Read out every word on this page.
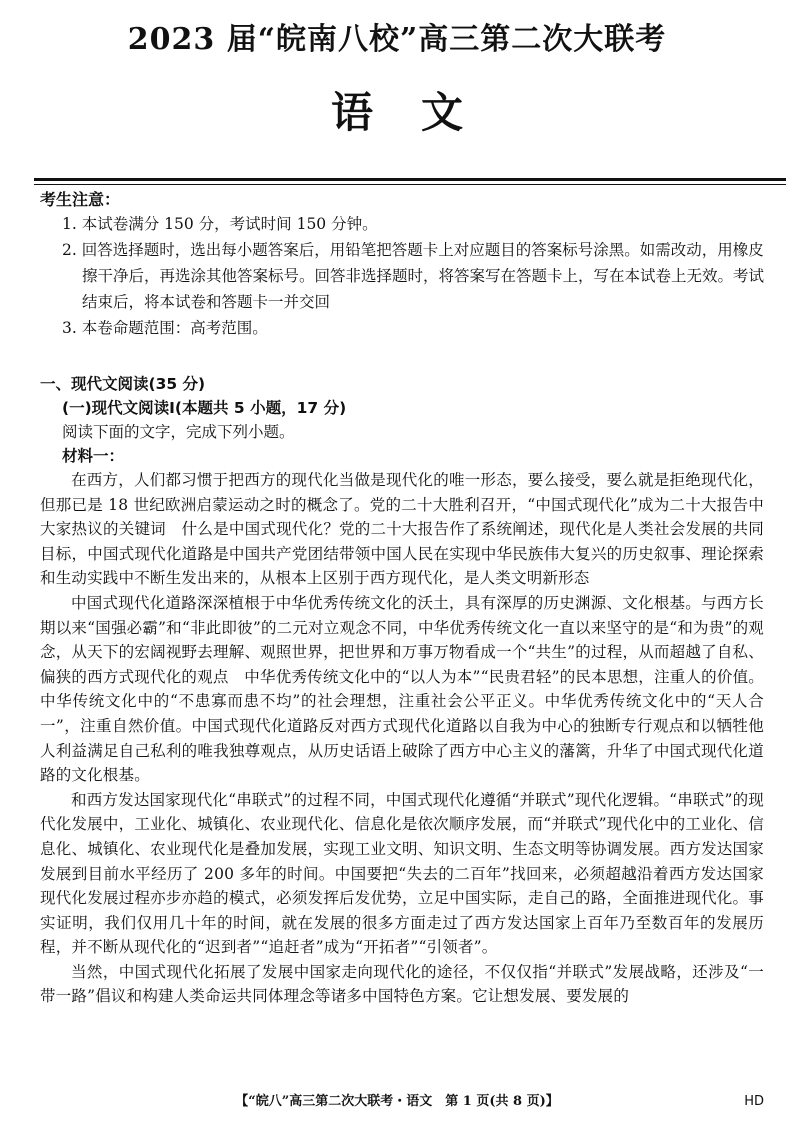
2023 届“皖南八校”高三第二次大联考
语文

考生注意：

1. 本试卷满分 150 分，考试时间 150 分钟。
2. 回答选择题时，选出每小题答案后，用铅笔把答题卡上对应题目的答案标号涂黑。如需改动，用橡皮擦干净后，再选涂其他答案标号。回答非选择题时，将答案写在答题卡上，写在本试卷上无效。考试结束后，将本试卷和答题卡一并交回
3. 本卷命题范围：高考范围。

一、现代文阅读(35 分)

(一)现代文阅读Ⅰ(本题共 5 小题，17 分)

阅读下面的文字，完成下列小题。

材料一：

在西方，人们都习惯于把西方的现代化当做是现代化的唯一形态，要么接受，要么就是拒绝现代化，但那已是 18 世纪欧洲启蒙运动之时的概念了。党的二十大胜利召开，“中国式现代化”成为二十大报告中大家热议的关键词　什么是中国式现代化？党的二十大报告作了系统阐述，现代化是人类社会发展的共同目标，中国式现代化道路是中国共产党团结带领中国人民在实现中华民族伟大复兴的历史叙事、理论探索和生动实践中不断生发出来的，从根本上区别于西方现代化，是人类文明新形态

中国式现代化道路深深植根于中华优秀传统文化的沃土，具有深厚的历史渊源、文化根基。与西方长期以来“国强必霸”和“非此即彼”的二元对立观念不同，中华优秀传统文化一直以来坚守的是“和为贵”的观念，从天下的宏阔视野去理解、观照世界，把世界和万事万物看成一个“共生”的过程，从而超越了自私、偏狭的西方式现代化的观点　中华优秀传统文化中的“以人为本”“民贵君轻”的民本思想，注重人的价值。中华传统文化中的“不患寡而患不均”的社会理想，注重社会公平正义。中华优秀传统文化中的“天人合一”，注重自然价值。中国式现代化道路反对西方式现代化道路以自我为中心的独断专行观点和以牺牲他人利益满足自己私利的唯我独尊观点，从历史话语上破除了西方中心主义的藩篱，升华了中国式现代化道路的文化根基。

和西方发达国家现代化“串联式”的过程不同，中国式现代化遵循“并联式”现代化逻辑。“串联式”的现代化发展中，工业化、城镇化、农业现代化、信息化是依次顺序发展，而“并联式”现代化中的工业化、信息化、城镇化、农业现代化是叠加发展，实现工业文明、知识文明、生态文明等协调发展。西方发达国家发展到目前水平经历了 200 多年的时间。中国要把“失去的二百年”找回来，必须超越沿着西方发达国家现代化发展过程亦步亦趋的模式，必须发挥后发优势，立足中国实际，走自己的路，全面推进现代化。事实证明，我们仅用几十年的时间，就在发展的很多方面走过了西方发达国家上百年乃至数百年的发展历程，并不断从现代化的“迟到者”“追赶者”成为“开拓者”“引领者”。

当然，中国式现代化拓展了发展中国家走向现代化的途径，不仅仅指“并联式”发展战略，还涉及“一带一路”倡议和构建人类命运共同体理念等诸多中国特色方案。它让想发展、要发展的

【“皖八”高三第二次大联考・语文　第 1 页(共 8 页)】	HD
